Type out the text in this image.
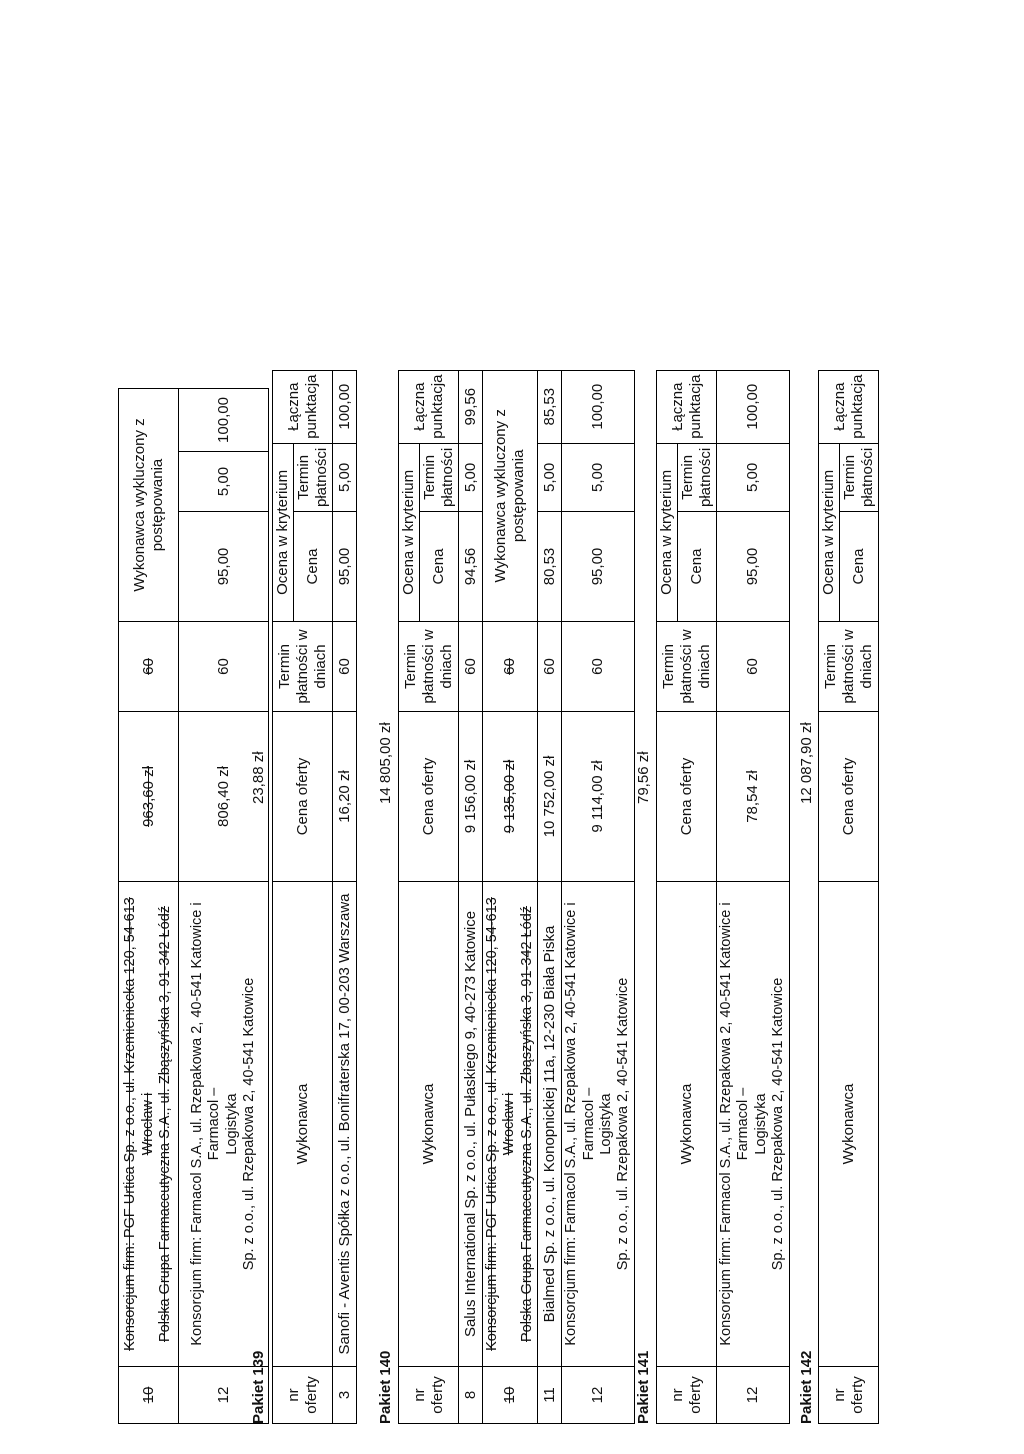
10	Konsorcjum firm: PGF Urtica Sp. z o.o., ul. Krzemieniecka 120, 54-613 Wrocław i Polska Grupa Farmaceutyczna S.A., ul. Zbąszyńska 3, 91-342 Łódź	963,60 zł	60	Wykonawca wykluczony z postępowania		
12	Konsorcjum firm: Farmacol S.A., ul. Rzepakowa 2, 40-541 Katowice i Farmacol – Logistyka Sp. z o.o., ul. Rzepakowa 2, 40-541 Katowice	806,40 zł	60	95,00	5,00	100,00
Pakiet 139
23,88 zł
nr oferty	Wykonawca	Cena oferty	Termin płatności w dniach	Ocena w kryterium		Łączna punktacja
				Cena	Termin płatności	
3	Sanofi - Aventis Spółka z o.o., ul. Bonifraterska 17, 00-203 Warszawa	16,20 zł	60	95,00	5,00	100,00
Pakiet 140
14 805,00 zł
nr oferty	Wykonawca	Cena oferty	Termin płatności w dniach	Ocena w kryterium		Łączna punktacja
				Cena	Termin płatności	
8	Salus International Sp. z o.o., ul. Pułaskiego 9, 40-273 Katowice	9 156,00 zł	60	94,56	5,00	99,56
10	Konsorcjum firm: PGF Urtica Sp. z o.o., ul. Krzemieniecka 120, 54-613 Wrocław i Polska Grupa Farmaceutyczna S.A., ul. Zbąszyńska 3, 91-342 Łódź	9 135,00 zł	60	Wykonawca wykluczony z postępowania		
11	Bialmed Sp. z o.o., ul. Konopnickiej 11a, 12-230 Biała Piska	10 752,00 zł	60	80,53	5,00	85,53
12	Konsorcjum firm: Farmacol S.A., ul. Rzepakowa 2, 40-541 Katowice i Farmacol – Logistyka Sp. z o.o., ul. Rzepakowa 2, 40-541 Katowice	9 114,00 zł	60	95,00	5,00	100,00
Pakiet 141
79,56 zł
nr oferty	Wykonawca	Cena oferty	Termin płatności w dniach	Ocena w kryterium		Łączna punktacja
				Cena	Termin płatności	
12	Konsorcjum firm: Farmacol S.A., ul. Rzepakowa 2, 40-541 Katowice i Farmacol – Logistyka Sp. z o.o., ul. Rzepakowa 2, 40-541 Katowice	78,54 zł	60	95,00	5,00	100,00
Pakiet 142
12 087,90 zł
nr oferty	Wykonawca	Cena oferty	Termin płatności w dniach	Ocena w kryterium		Łączna punktacja
				Cena	Termin płatności	
